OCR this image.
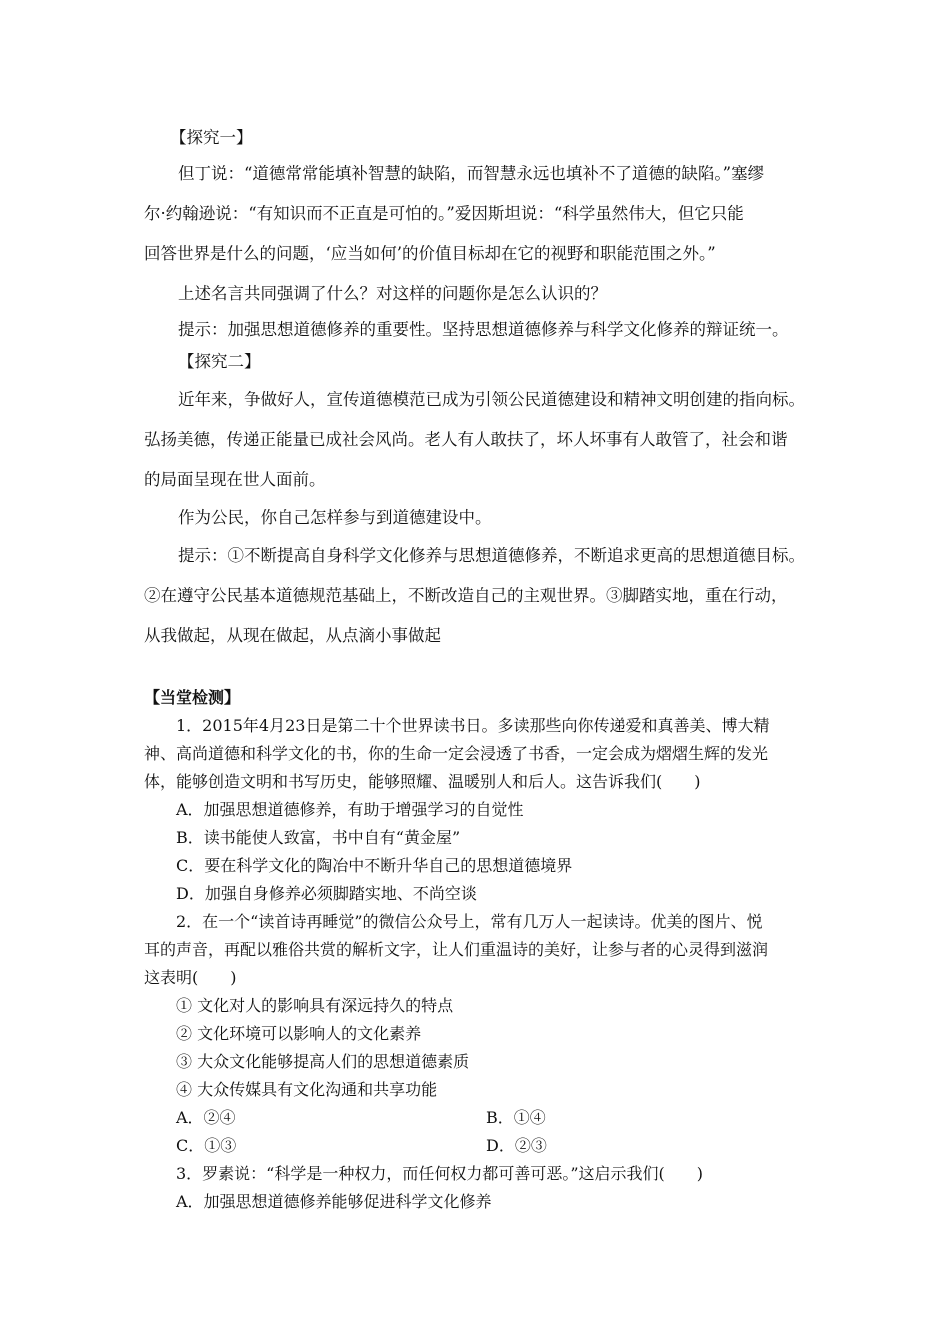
【探究一】
但丁说：“道德常常能填补智慧的缺陷，而智慧永远也填补不了道德的缺陷。”塞缪
尔·约翰逊说：“有知识而不正直是可怕的。”爱因斯坦说：“科学虽然伟大，但它只能
回答世界是什么的问题，‘应当如何’的价值目标却在它的视野和职能范围之外。”
上述名言共同强调了什么？对这样的问题你是怎么认识的？
提示：加强思想道德修养的重要性。坚持思想道德修养与科学文化修养的辩证统一。
【探究二】
近年来，争做好人，宣传道德模范已成为引领公民道德建设和精神文明创建的指向标。
弘扬美德，传递正能量已成社会风尚。老人有人敢扶了，坏人坏事有人敢管了，社会和谐
的局面呈现在世人面前。
作为公民，你自己怎样参与到道德建设中。
提示：①不断提高自身科学文化修养与思想道德修养，不断追求更高的思想道德目标。
②在遵守公民基本道德规范基础上，不断改造自己的主观世界。③脚踏实地，重在行动，
从我做起，从现在做起，从点滴小事做起
【当堂检测】
1．2015年4月23日是第二十个世界读书日。多读那些向你传递爱和真善美、博大精
神、高尚道德和科学文化的书，你的生命一定会浸透了书香，一定会成为熠熠生辉的发光
体，能够创造文明和书写历史，能够照耀、温暖别人和后人。这告诉我们(　　)
A．加强思想道德修养，有助于增强学习的自觉性
B．读书能使人致富，书中自有“黄金屋”
C．要在科学文化的陶冶中不断升华自己的思想道德境界
D．加强自身修养必须脚踏实地、不尚空谈
2．在一个“读首诗再睡觉”的微信公众号上，常有几万人一起读诗。优美的图片、悦
耳的声音，再配以雅俗共赏的解析文字，让人们重温诗的美好，让参与者的心灵得到滋润
这表明(　　)
① 文化对人的影响具有深远持久的特点
② 文化环境可以影响人的文化素养
③ 大众文化能够提高人们的思想道德素质
④ 大众传媒具有文化沟通和共享功能
A．②④	B．①④
C．①③	D．②③
3．罗素说：“科学是一种权力，而任何权力都可善可恶。”这启示我们(　　)
A．加强思想道德修养能够促进科学文化修养
